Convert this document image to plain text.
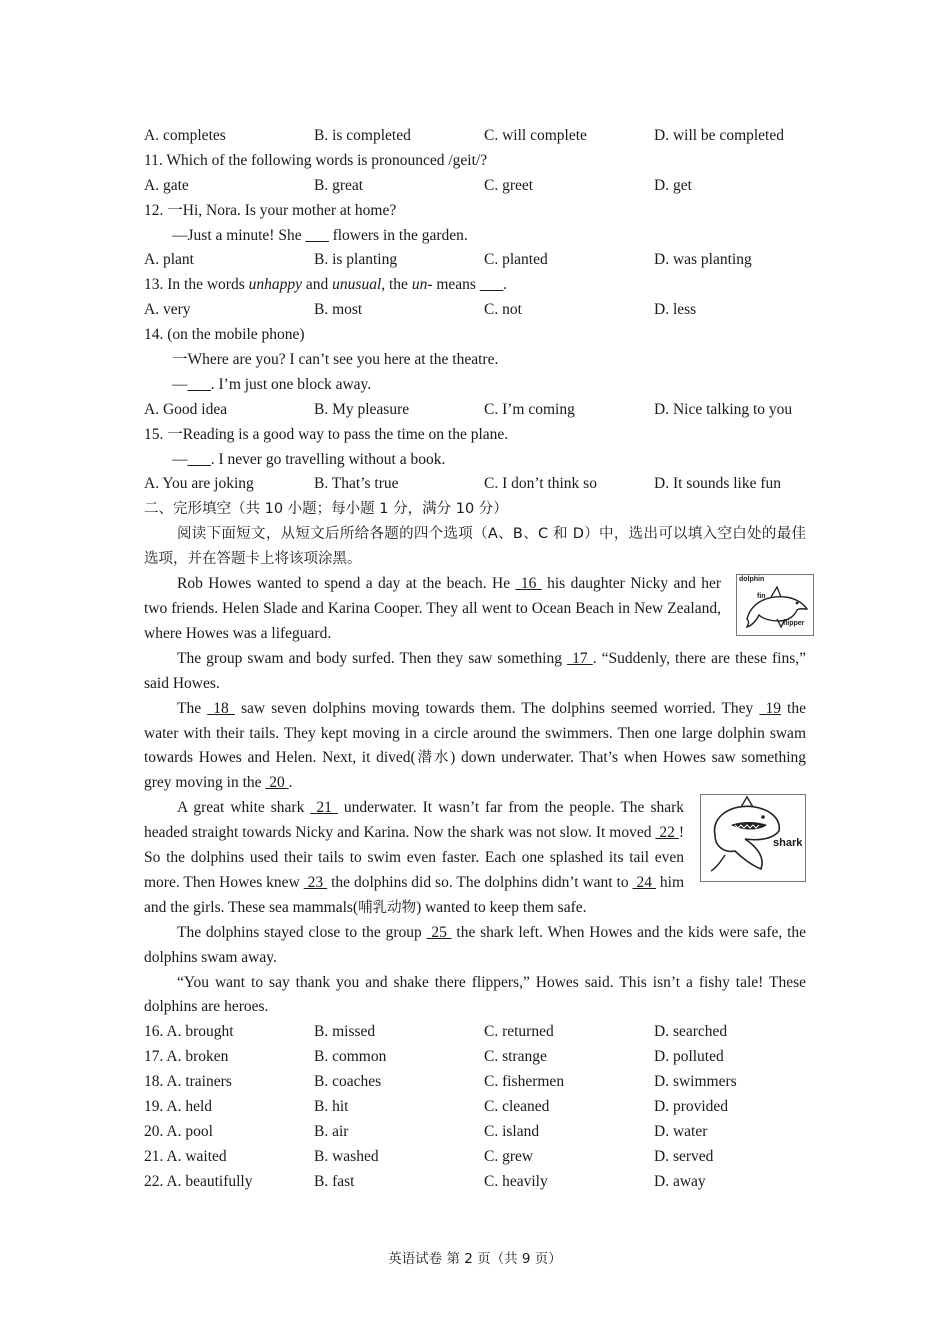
A. completes	B. is completed	C. will complete	D. will be completed
11. Which of the following words is pronounced /geit/?
A. gate	B. great	C. greet	D. get
12. 一Hi, Nora. Is your mother at home?
—Just a minute! She ___ flowers in the garden.
A. plant	B. is planting	C. planted	D. was planting
13. In the words unhappy and unusual, the un- means ___.
A. very	B. most	C. not	D. less
14. (on the mobile phone)
一Where are you? I can’t see you here at the theatre.
—___. I’m just one block away.
A. Good idea	B. My pleasure	C. I’m coming	D. Nice talking to you
15. 一Reading is a good way to pass the time on the plane.
—___. I never go travelling without a book.
A. You are joking	B. That’s true	C. I don’t think so	D. It sounds like fun
二、完形填空（共 10 小题；每小题 1 分，满分 10 分）

阅读下面短文，从短文后所给各题的四个选项（A、B、C 和 D）中，选出可以填入空白处的最佳选项，并在答题卡上将该项涂黑。

dolphin
fin
flipper

Rob Howes wanted to spend a day at the beach. He  16  his daughter Nicky and her two friends. Helen Slade and Karina Cooper. They all went to Ocean Beach in New Zealand, where Howes was a lifeguard.

The group swam and body surfed. Then they saw something  17 . “Suddenly, there are these fins,” said Howes.

The  18  saw seven dolphins moving towards them. The dolphins seemed worried. They  19 the water with their tails. They kept moving in a circle around the swimmers. Then one large dolphin swam towards Howes and Helen. Next, it dived(潜水) down underwater. That’s when Howes saw something grey moving in the  20 .

shark

A great white shark  21  underwater. It wasn’t far from the people. The shark headed straight towards Nicky and Karina. Now the shark was not slow. It moved  22 ! So the dolphins used their tails to swim even faster. Each one splashed its tail even more. Then Howes knew  23  the dolphins did so. The dolphins didn’t want to  24  him and the girls. These sea mammals(哺乳动物) wanted to keep them safe.

The dolphins stayed close to the group  25  the shark left. When Howes and the kids were safe, the dolphins swam away.

“You want to say thank you and shake there flippers,” Howes said. This isn’t a fishy tale! These dolphins are heroes.

16. A. brought	B. missed	C. returned	D. searched
17. A. broken	B. common	C. strange	D. polluted
18. A. trainers	B. coaches	C. fishermen	D. swimmers
19. A. held	B. hit	C. cleaned	D. provided
20. A. pool	B. air	C. island	D. water
21. A. waited	B. washed	C. grew	D. served
22. A. beautifully	B. fast	C. heavily	D. away
英语试卷 第 2 页（共 9 页）
